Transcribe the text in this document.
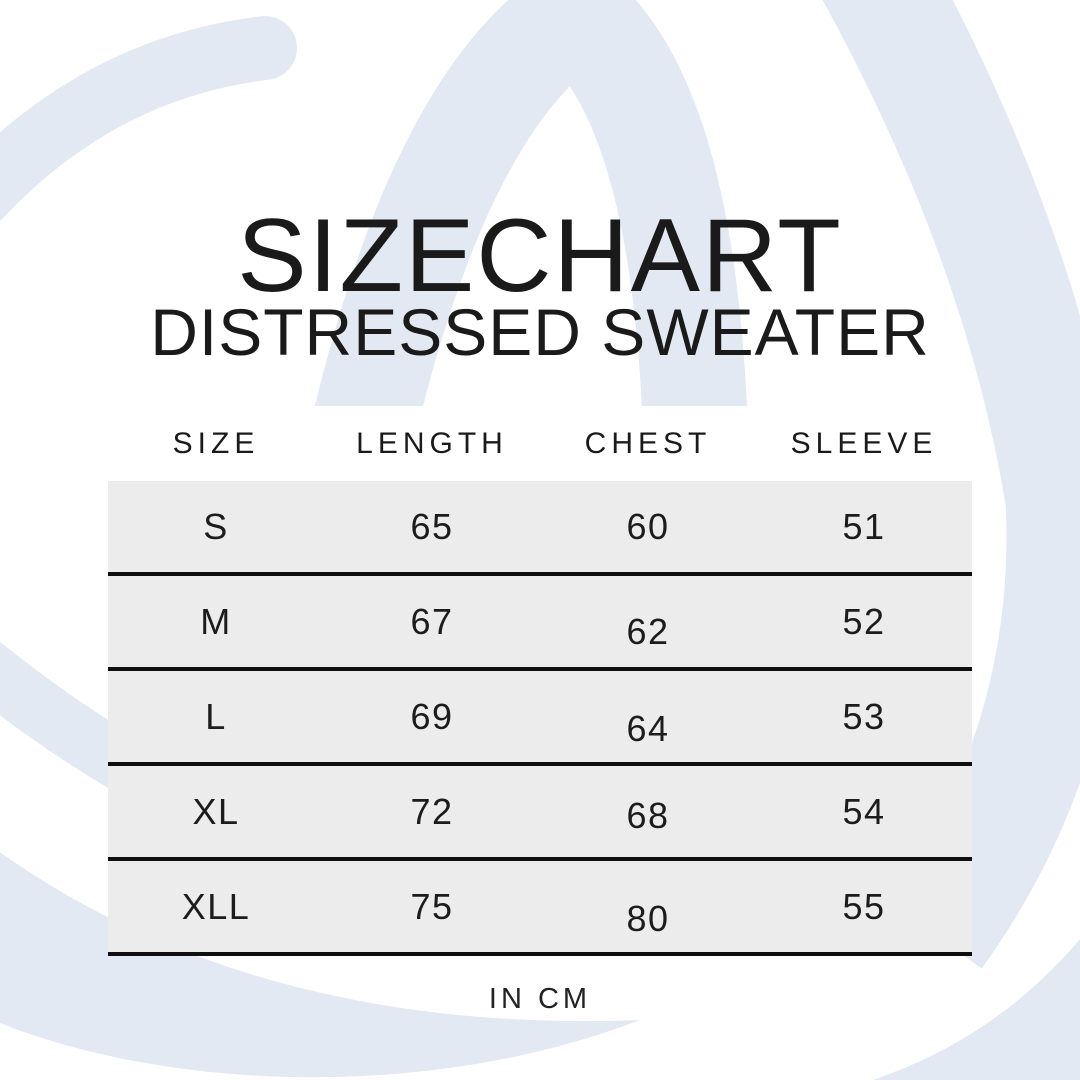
SIZECHART
DISTRESSED SWEATER
SIZE	LENGTH	CHEST	SLEEVE
S	65	60	51
M	67	62	52
L	69	64	53
XL	72	68	54
XLL	75	80	55
IN CM
